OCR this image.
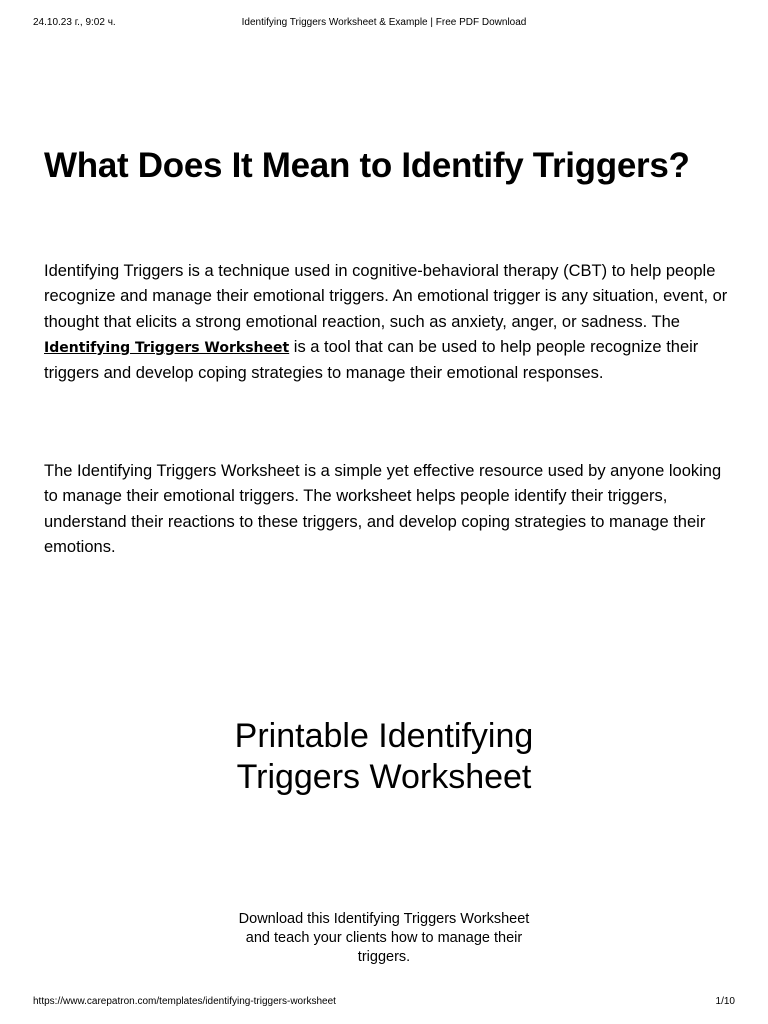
24.10.23 г., 9:02 ч.	Identifying Triggers Worksheet & Example | Free PDF Download
What Does It Mean to Identify Triggers?

Identifying Triggers is a technique used in cognitive-behavioral therapy (CBT) to help people recognize and manage their emotional triggers. An emotional trigger is any situation, event, or thought that elicits a strong emotional reaction, such as anxiety, anger, or sadness. The Identifying Triggers Worksheet is a tool that can be used to help people recognize their triggers and develop coping strategies to manage their emotional responses.

The Identifying Triggers Worksheet is a simple yet effective resource used by anyone looking to manage their emotional triggers. The worksheet helps people identify their triggers, understand their reactions to these triggers, and develop coping strategies to manage their emotions.

Printable Identifying Triggers Worksheet

Download this Identifying Triggers Worksheet and teach your clients how to manage their triggers.

https://www.carepatron.com/templates/identifying-triggers-worksheet	1/10
